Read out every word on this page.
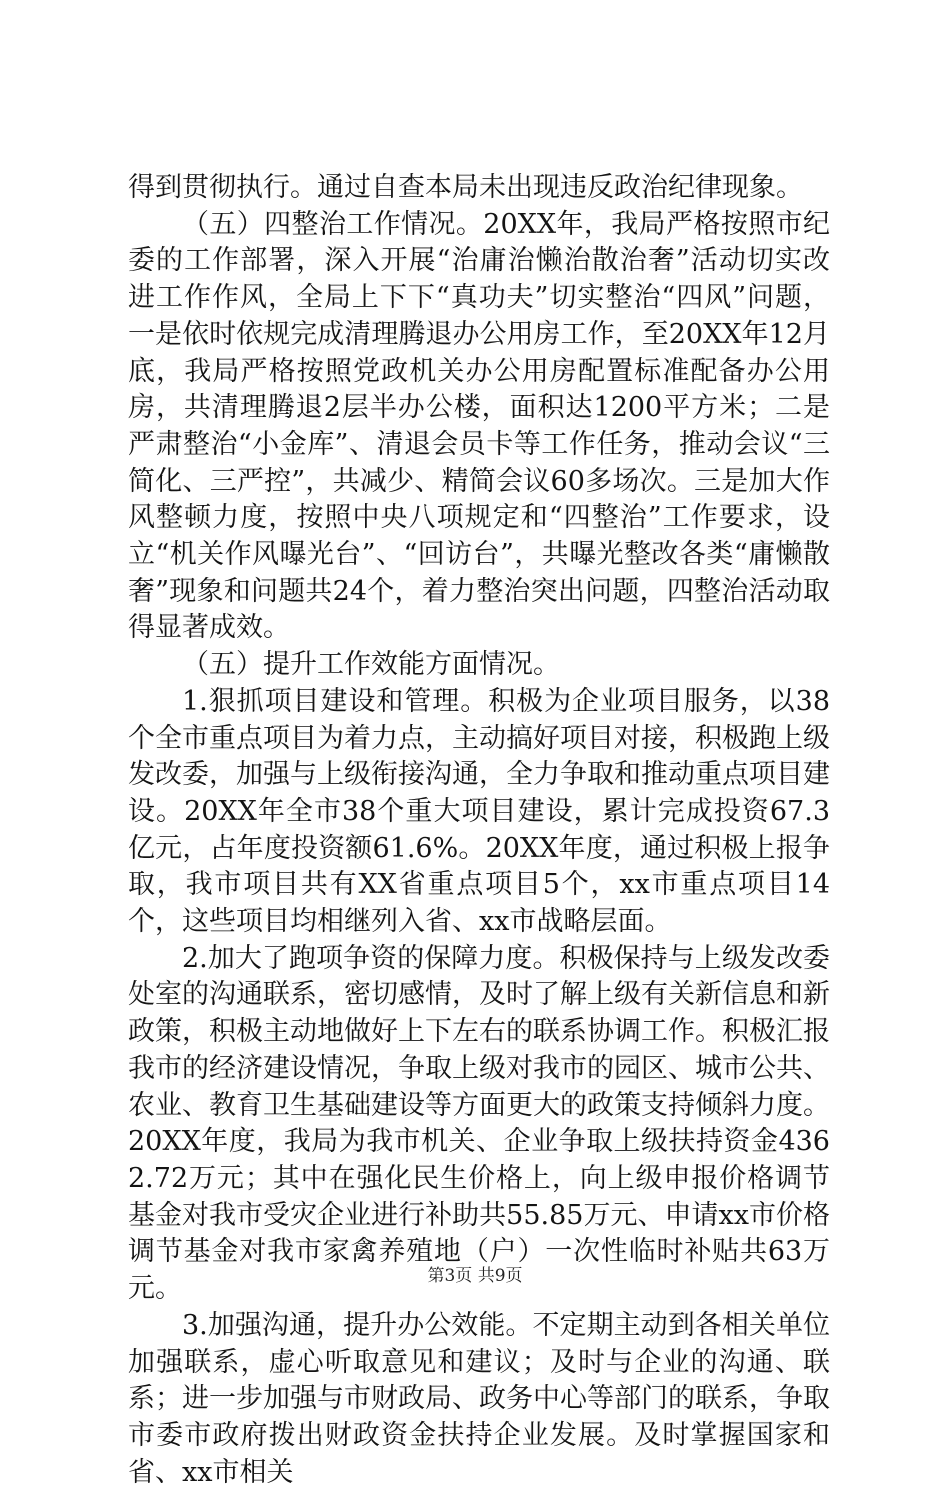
得到贯彻执行。通过自查本局未出现违反政治纪律现象。

（五）四整治工作情况。20XX年，我局严格按照市纪委的工作部署，深入开展“治庸治懒治散治奢”活动切实改进工作作风，全局上下下“真功夫”切实整治“四风”问题，一是依时依规完成清理腾退办公用房工作，至20XX年12月底，我局严格按照党政机关办公用房配置标准配备办公用房，共清理腾退2层半办公楼，面积达1200平方米；二是严肃整治“小金库”、清退会员卡等工作任务，推动会议“三简化、三严控”，共减少、精简会议60多场次。三是加大作风整顿力度，按照中央八项规定和“四整治”工作要求，设立“机关作风曝光台”、“回访台”，共曝光整改各类“庸懒散奢”现象和问题共24个，着力整治突出问题，四整治活动取得显著成效。

（五）提升工作效能方面情况。

1.狠抓项目建设和管理。积极为企业项目服务，以38个全市重点项目为着力点，主动搞好项目对接，积极跑上级发改委，加强与上级衔接沟通，全力争取和推动重点项目建设。20XX年全市38个重大项目建设，累计完成投资67.3亿元，占年度投资额61.6%。20XX年度，通过积极上报争取，我市项目共有XX省重点项目5个，xx市重点项目14个，这些项目均相继列入省、xx市战略层面。

2.加大了跑项争资的保障力度。积极保持与上级发改委处室的沟通联系，密切感情，及时了解上级有关新信息和新政策，积极主动地做好上下左右的联系协调工作。积极汇报我市的经济建设情况，争取上级对我市的园区、城市公共、农业、教育卫生基础建设等方面更大的政策支持倾斜力度。20XX年度，我局为我市机关、企业争取上级扶持资金4362.72万元；其中在强化民生价格上，向上级申报价格调节基金对我市受灾企业进行补助共55.85万元、申请xx市价格调节基金对我市家禽养殖地（户）一次性临时补贴共63万元。

3.加强沟通，提升办公效能。不定期主动到各相关单位加强联系，虚心听取意见和建议；及时与企业的沟通、联系；进一步加强与市财政局、政务中心等部门的联系，争取市委市政府拨出财政资金扶持企业发展。及时掌握国家和省、xx市相关

第3页 共9页
